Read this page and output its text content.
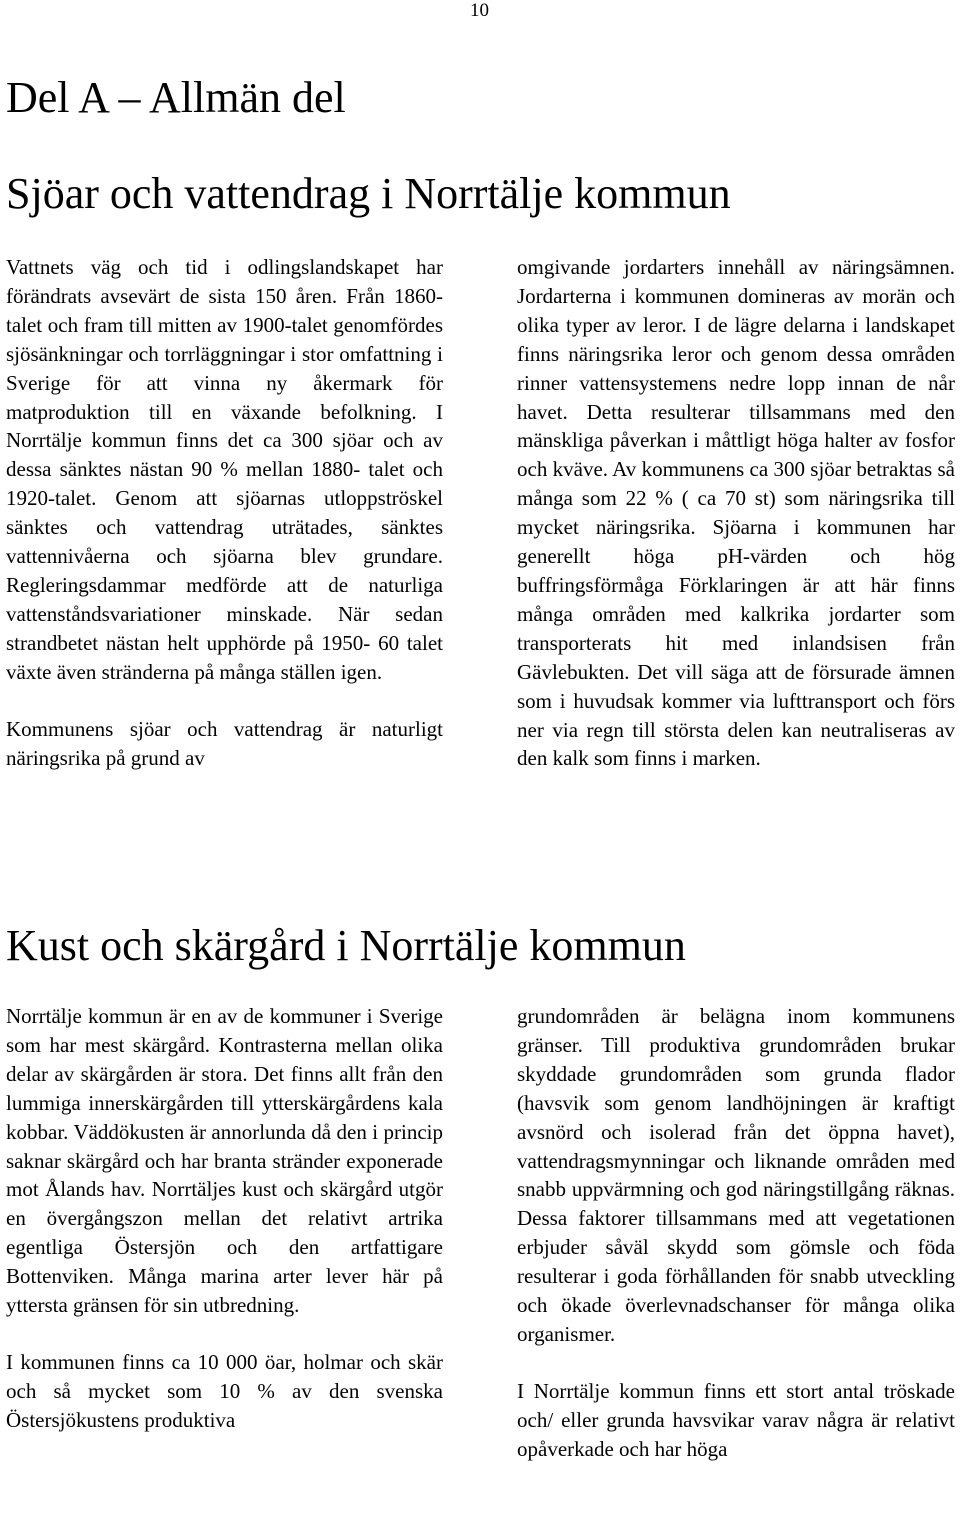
10
Del A – Allmän del
Sjöar och vattendrag i Norrtälje kommun

Vattnets väg och tid i odlingslandskapet har förändrats avsevärt de sista 150 åren. Från 1860-talet och fram till mitten av 1900-talet genomfördes sjösänkningar och torrläggningar i stor omfattning i Sverige för att vinna ny åkermark för matproduktion till en växande befolkning. I Norrtälje kommun finns det ca 300 sjöar och av dessa sänktes nästan 90 % mellan 1880- talet och 1920-talet. Genom att sjöarnas utloppströskel sänktes och vattendrag uträtades, sänktes vattennivåerna och sjöarna blev grundare. Regleringsdammar medförde att de naturliga vattenståndsvariationer minskade. När sedan strandbetet nästan helt upphörde på 1950- 60 talet växte även stränderna på många ställen igen.

Kommunens sjöar och vattendrag är naturligt näringsrika på grund av

omgivande jordarters innehåll av näringsämnen. Jordarterna i kommunen domineras av morän och olika typer av leror. I de lägre delarna i landskapet finns näringsrika leror och genom dessa områden rinner vattensystemens nedre lopp innan de når havet. Detta resulterar tillsammans med den mänskliga påverkan i måttligt höga halter av fosfor och kväve. Av kommunens ca 300 sjöar betraktas så många som 22 % ( ca 70 st) som näringsrika till mycket näringsrika. Sjöarna i kommunen har generellt höga pH-värden och hög buffringsförmåga Förklaringen är att här finns många områden med kalkrika jordarter som transporterats hit med inlandsisen från Gävlebukten. Det vill säga att de försurade ämnen som i huvudsak kommer via lufttransport och förs ner via regn till största delen kan neutraliseras av den kalk som finns i marken.

Kust och skärgård i Norrtälje kommun

Norrtälje kommun är en av de kommuner i Sverige som har mest skärgård. Kontrasterna mellan olika delar av skärgården är stora. Det finns allt från den lummiga innerskärgården till ytterskärgårdens kala kobbar. Väddökusten är annorlunda då den i princip saknar skärgård och har branta stränder exponerade mot Ålands hav. Norrtäljes kust och skärgård utgör en övergångszon mellan det relativt artrika egentliga Östersjön och den artfattigare Bottenviken. Många marina arter lever här på yttersta gränsen för sin utbredning.

I kommunen finns ca 10 000 öar, holmar och skär och så mycket som 10 % av den svenska Östersjökustens produktiva

grundområden är belägna inom kommunens gränser. Till produktiva grundområden brukar skyddade grundområden som grunda flador (havsvik som genom landhöjningen är kraftigt avsnörd och isolerad från det öppna havet), vattendragsmynningar och liknande områden med snabb uppvärmning och god näringstillgång räknas. Dessa faktorer tillsammans med att vegetationen erbjuder såväl skydd som gömsle och föda resulterar i goda förhållanden för snabb utveckling och ökade överlevnadschanser för många olika organismer.

I Norrtälje kommun finns ett stort antal tröskade och/ eller grunda havsvikar varav några är relativt opåverkade och har höga
